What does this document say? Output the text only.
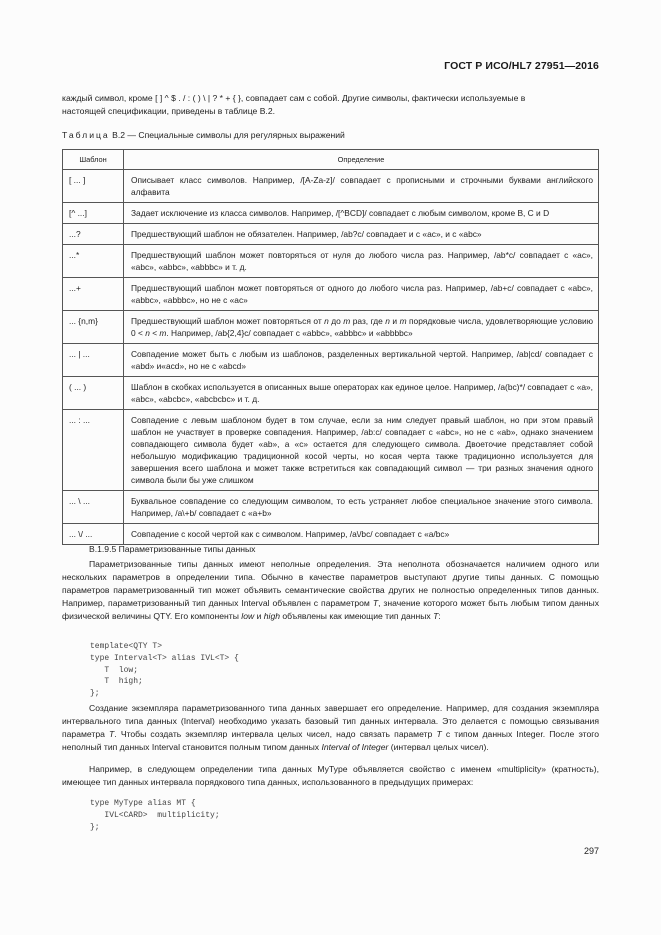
ГОСТ Р ИСО/HL7 27951—2016
каждый символ, кроме [ ] ^ $ . / : ( ) \ | ? * + { }, совпадает сам с собой. Другие символы, фактически используемые в
настоящей спецификации, приведены в таблице В.2.
Таблица В.2 — Специальные символы для регулярных выражений
Шаблон	Определение
[ ... ]	Описывает класс символов. Например, /[A-Za-z]/ совпадает с прописными и строчными буквами английского алфавита
[^ ...]	Задает исключение из класса символов. Например, /[^BCD]/ совпадает с любым символом, кроме B, C и D
...?	Предшествующий шаблон не обязателен. Например, /ab?c/ совпадает и с «ac», и с «abc»
...*	Предшествующий шаблон может повторяться от нуля до любого числа раз. Например, /ab*c/ совпадает с «ac», «abc», «abbc», «abbbc» и т. д.
...+	Предшествующий шаблон может повторяться от одного до любого числа раз. Например, /ab+c/ совпадает с «abc», «abbc», «abbbc», но не с «ac»
... {n,m}	Предшествующий шаблон может повторяться от n до m раз, где n и m порядковые числа, удовлетворяющие условию 0 < n < m. Например, /ab{2,4}c/ совпадает с «abbc», «abbbc» и «abbbbc»
... | ...	Совпадение может быть с любым из шаблонов, разделенных вертикальной чертой. Например, /ab|cd/ совпадает с «abd» и«acd», но не с «abcd»
( ... )	Шаблон в скобках используется в описанных выше операторах как единое целое. Например, /a(bc)*/ совпадает с «a», «abc», «abcbc», «abcbcbc» и т. д.
... : ...	Совпадение с левым шаблоном будет в том случае, если за ним следует правый шаблон, но при этом правый шаблон не участвует в проверке совпадения. Например, /ab:c/ совпадает с «abc», но не с «ab», однако значением совпадающего символа будет «ab», а «c» остается для следующего символа. Двоеточие представляет собой небольшую модификацию традиционной косой черты, но косая черта также традиционно используется для завершения всего шаблона и может также встретиться как совпадающий символ — три разных значения одного символа были бы уже слишком
... \ ...	Буквальное совпадение со следующим символом, то есть устраняет любое специальное значение этого символа. Например, /a\+b/ совпадает с «a+b»
... \/ ...	Совпадение с косой чертой как с символом. Например, /a\/bc/ совпадает с «a/bc»
В.1.9.5 Параметризованные типы данных
Параметризованные типы данных имеют неполные определения. Эта неполнота обозначается наличием одного или нескольких параметров в определении типа. Обычно в качестве параметров выступают другие типы данных. С помощью параметров параметризованный тип может объявить семантические свойства других не полностью определенных типов данных. Например, параметризованный тип данных Interval объявлен с параметром T, значение которого может быть любым типом данных физической величины QTY. Его компоненты low и high объявлены как имеющие тип данных T:
template<QTY T>
type Interval<T> alias IVL<T> {
T  low;
T  high;
};
Создание экземпляра параметризованного типа данных завершает его определение. Например, для создания экземпляра интервального типа данных (Interval) необходимо указать базовый тип данных интервала. Это делается с помощью связывания параметра T. Чтобы создать экземпляр интервала целых чисел, надо связать параметр T с типом данных Integer. После этого неполный тип данных Interval становится полным типом данных Interval of Integer (интервал целых чисел).
Например, в следующем определении типа данных MyType объявляется свойство с именем «multiplicity» (кратность), имеющее тип данных интервала порядкового типа данных, использованного в предыдущих примерах:
type MyType alias MT {
IVL<CARD>  multiplicity;
};
297
